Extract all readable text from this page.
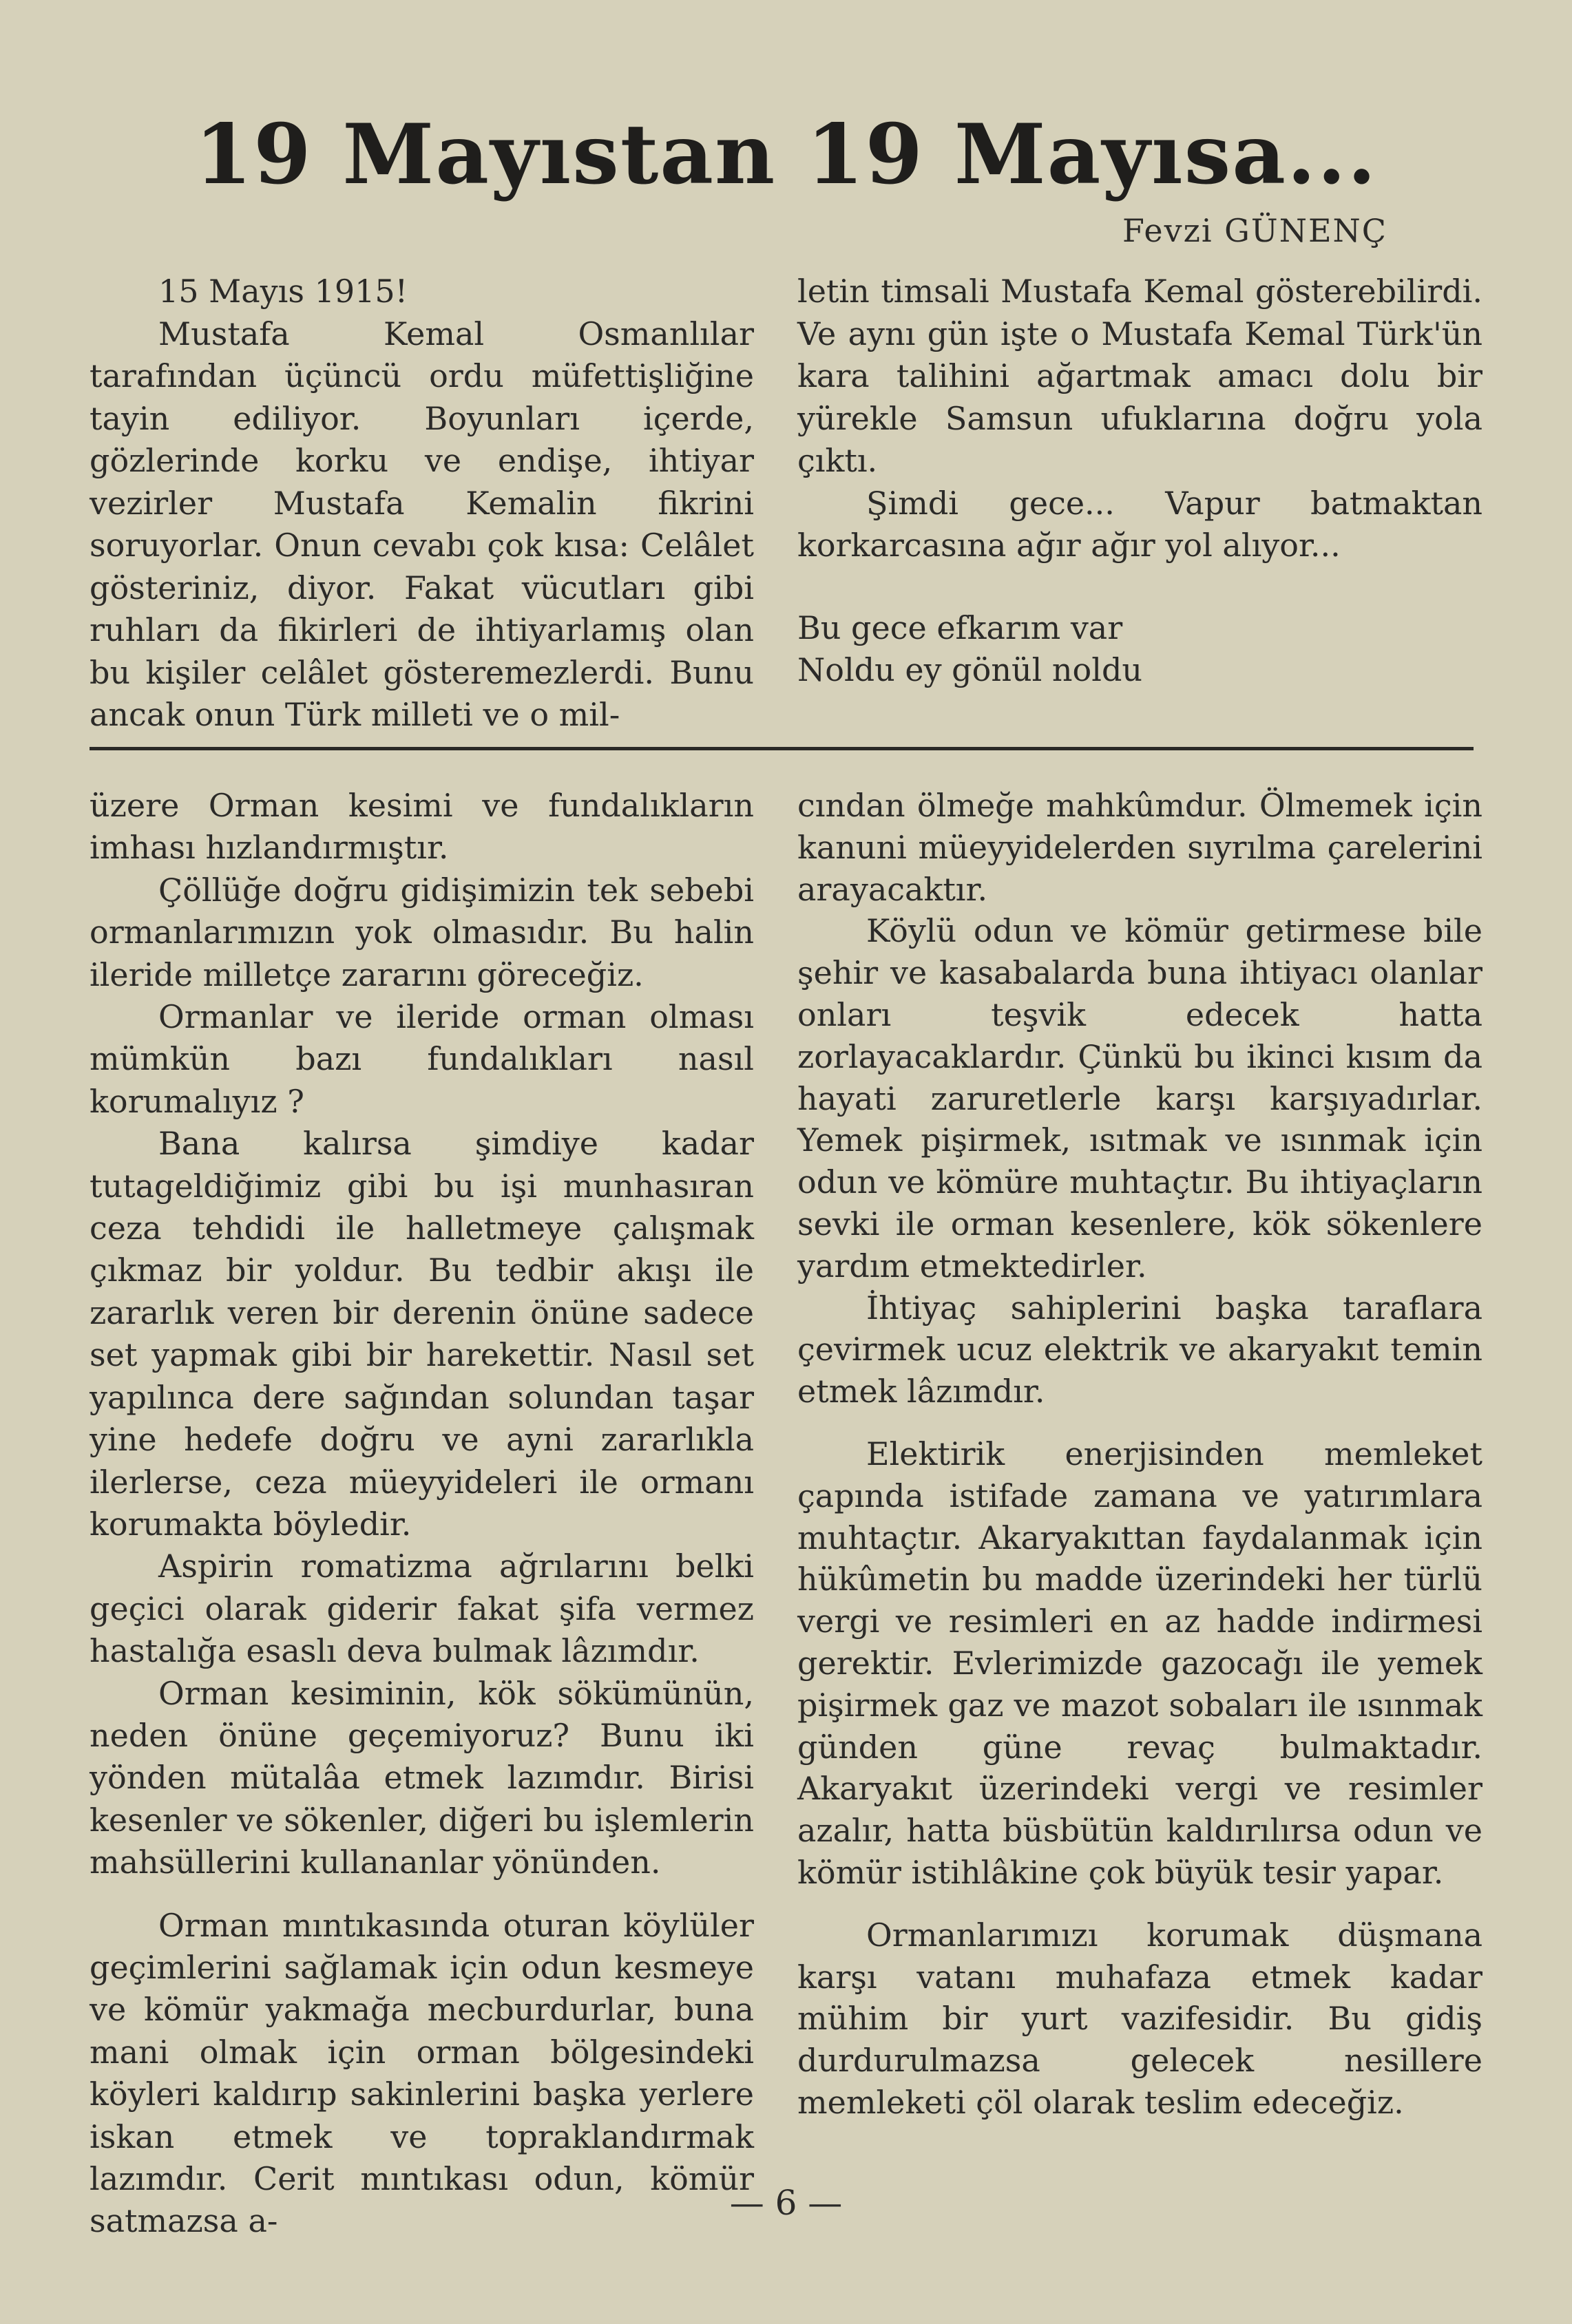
19 Mayıstan 19 Mayısa...
Fevzi GÜNENÇ

15 Mayıs 1915!

Mustafa Kemal Osmanlılar tarafından üçüncü ordu müfettişliğine tayin ediliyor. Boyunları içerde, gözlerinde korku ve endişe, ihtiyar vezirler Mustafa Kemalin fikrini soruyorlar. Onun cevabı çok kısa: Celâlet gösteriniz, diyor. Fakat vücutları gibi ruhları da fikirleri de ihtiyarlamış olan bu kişiler celâlet gösteremezlerdi. Bunu ancak onun Türk milleti ve o mil-

letin timsali Mustafa Kemal gösterebilirdi. Ve aynı gün işte o Mustafa Kemal Türk'ün kara talihini ağartmak amacı dolu bir yürekle Samsun ufuklarına doğru yola çıktı.

Şimdi gece... Vapur batmaktan korkarcasına ağır ağır yol alıyor...

Bu gece efkarım var

Noldu ey gönül noldu

üzere Orman kesimi ve fundalıkların imhası hızlandırmıştır.

Çöllüğe doğru gidişimizin tek sebebi ormanlarımızın yok olmasıdır. Bu halin ileride milletçe zararını göreceğiz.

Ormanlar ve ileride orman olması mümkün bazı fundalıkları nasıl korumalıyız ?

Bana kalırsa şimdiye kadar tutageldiğimiz gibi bu işi munhasıran ceza tehdidi ile halletmeye çalışmak çıkmaz bir yoldur. Bu tedbir akışı ile zararlık veren bir derenin önüne sadece set yapmak gibi bir harekettir. Nasıl set yapılınca dere sağından solundan taşar yine hedefe doğru ve ayni zararlıkla ilerlerse, ceza müeyyideleri ile ormanı korumakta böyledir.

Aspirin romatizma ağrılarını belki geçici olarak giderir fakat şifa vermez hastalığa esaslı deva bulmak lâzımdır.

Orman kesiminin, kök sökümünün, neden önüne geçemiyoruz? Bunu iki yönden mütalâa etmek lazımdır. Birisi kesenler ve sökenler, diğeri bu işlemlerin mahsüllerini kullananlar yönünden.

Orman mıntıkasında oturan köylüler geçimlerini sağlamak için odun kesmeye ve kömür yakmağa mecburdurlar, buna mani olmak için orman bölgesindeki köyleri kaldırıp sakinlerini başka yerlere iskan etmek ve topraklandırmak lazımdır. Cerit mıntıkası odun, kömür satmazsa a-

cından ölmeğe mahkûmdur. Ölmemek için kanuni müeyyidelerden sıyrılma çarelerini arayacaktır.

Köylü odun ve kömür getirmese bile şehir ve kasabalarda buna ihtiyacı olanlar onları teşvik edecek hatta zorlayacaklardır. Çünkü bu ikinci kısım da hayati zaruretlerle karşı karşıyadırlar. Yemek pişirmek, ısıtmak ve ısınmak için odun ve kömüre muhtaçtır. Bu ihtiyaçların sevki ile orman kesenlere, kök sökenlere yardım etmektedirler.

İhtiyaç sahiplerini başka taraflara çevirmek ucuz elektrik ve akaryakıt temin etmek lâzımdır.

Elektirik enerjisinden memleket çapında istifade zamana ve yatırımlara muhtaçtır. Akaryakıttan faydalanmak için hükûmetin bu madde üzerindeki her türlü vergi ve resimleri en az hadde indirmesi gerektir. Evlerimizde gazocağı ile yemek pişirmek gaz ve mazot sobaları ile ısınmak günden güne revaç bulmaktadır. Akaryakıt üzerindeki vergi ve resimler azalır, hatta büsbütün kaldırılırsa odun ve kömür istihlâkine çok büyük tesir yapar.

Ormanlarımızı korumak düşmana karşı vatanı muhafaza etmek kadar mühim bir yurt vazifesidir. Bu gidiş durdurulmazsa gelecek nesillere memleketi çöl olarak teslim edeceğiz.

— 6 —
